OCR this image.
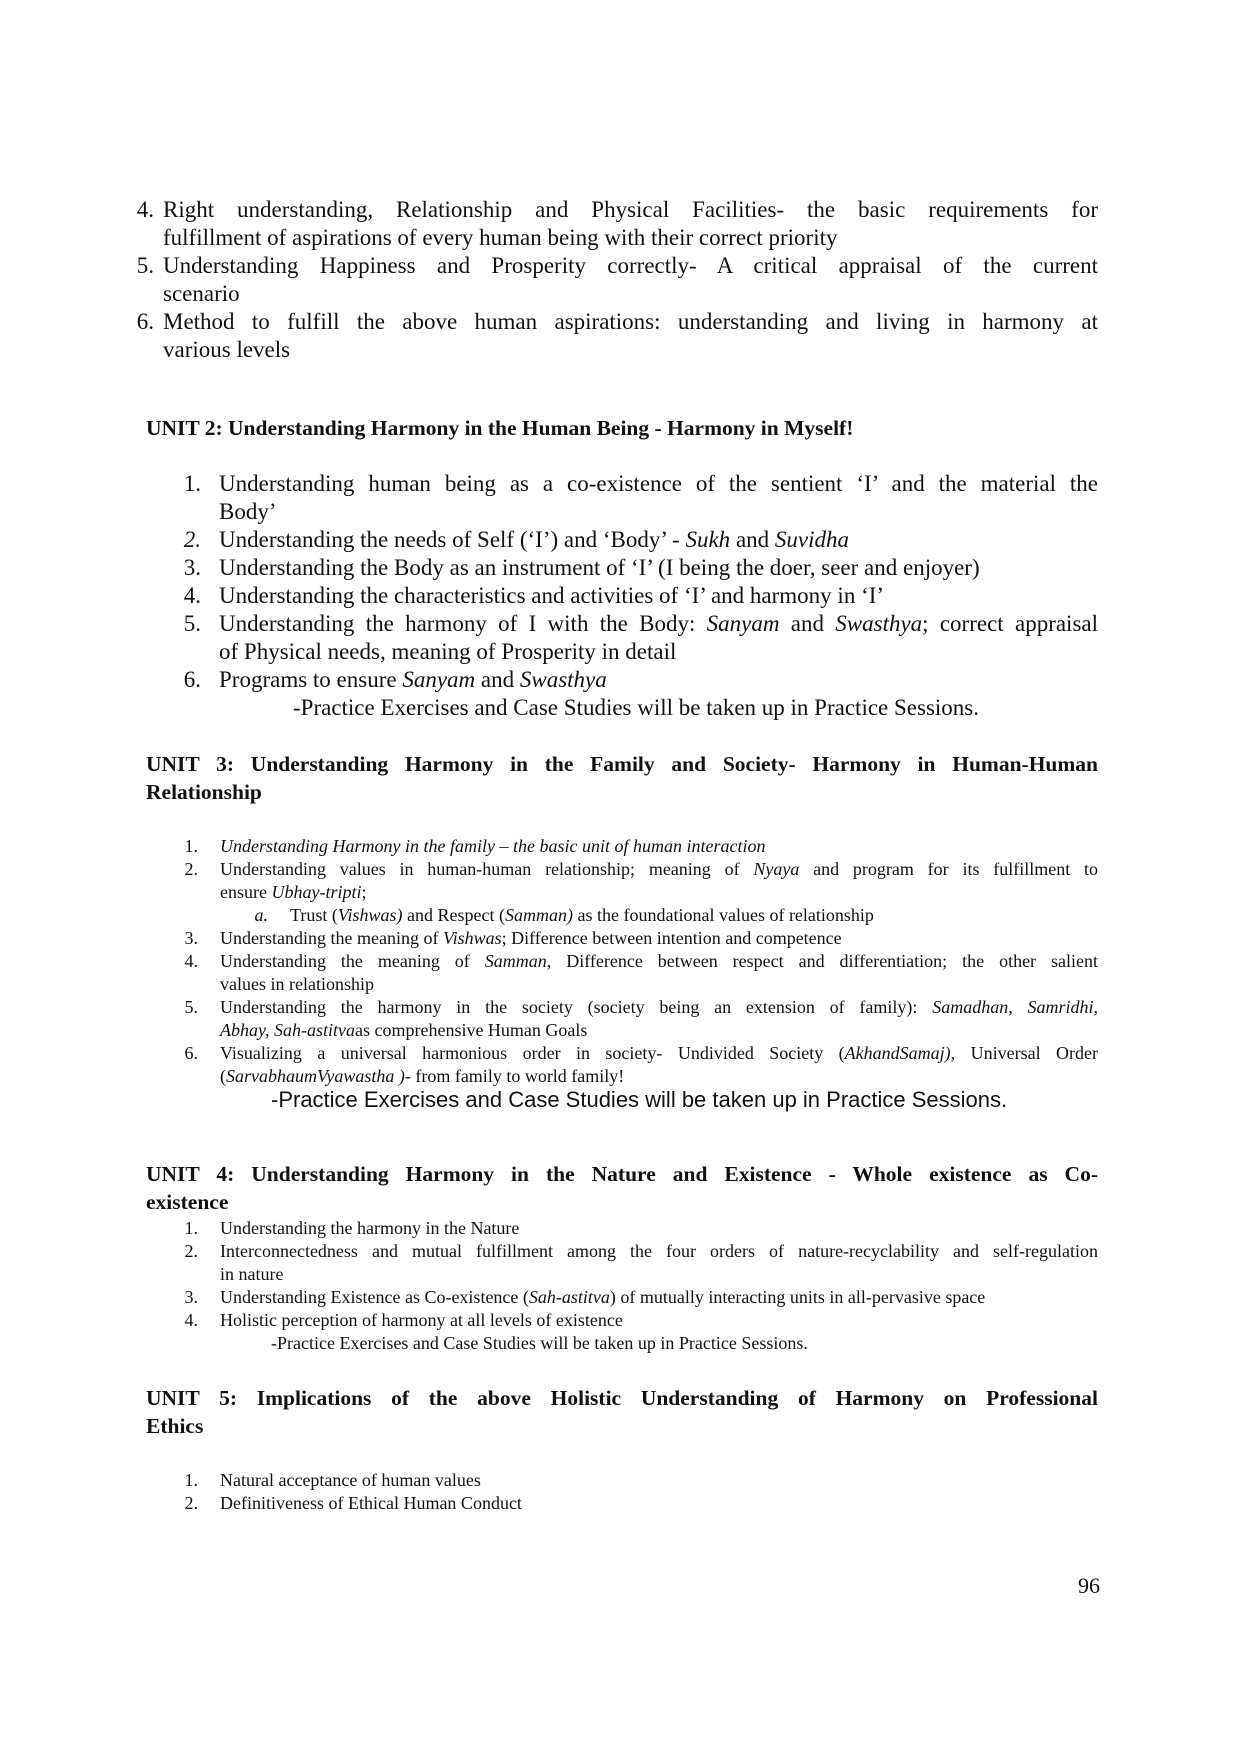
4. Right understanding, Relationship and Physical Facilities- the basic requirements for

fulfillment of aspirations of every human being with their correct priority

5. Understanding Happiness and Prosperity correctly- A critical appraisal of the current

scenario

6. Method to fulfill the above human aspirations: understanding and living in harmony at

various levels

UNIT 2: Understanding Harmony in the Human Being - Harmony in Myself!
1. Understanding human being as a co-existence of the sentient ‘I’ and the material the

Body’

2. Understanding the needs of Self (‘I’) and ‘Body’ - Sukh and Suvidha

3. Understanding the Body as an instrument of ‘I’ (I being the doer, seer and enjoyer)

4. Understanding the characteristics and activities of ‘I’ and harmony in ‘I’

5. Understanding the harmony of I with the Body: Sanyam and Swasthya; correct appraisal

of Physical needs, meaning of Prosperity in detail

6. Programs to ensure Sanyam and Swasthya

-Practice Exercises and Case Studies will be taken up in Practice Sessions.
UNIT 3: Understanding Harmony in the Family and Society- Harmony in Human-Human
Relationship
1. Understanding Harmony in the family – the basic unit of human interaction

2. Understanding values in human-human relationship; meaning of Nyaya and program for its fulfillment to

ensure Ubhay-tripti;

a. Trust (Vishwas) and Respect (Samman) as the foundational values of relationship

3. Understanding the meaning of Vishwas; Difference between intention and competence

4. Understanding the meaning of Samman, Difference between respect and differentiation; the other salient

values in relationship

5. Understanding the harmony in the society (society being an extension of family): Samadhan, Samridhi,

Abhay, Sah-astitvaas comprehensive Human Goals

6. Visualizing a universal harmonious order in society- Undivided Society (AkhandSamaj), Universal Order

(SarvabhaumVyawastha )- from family to world family!

-Practice Exercises and Case Studies will be taken up in Practice Sessions.
UNIT 4: Understanding Harmony in the Nature and Existence - Whole existence as Co-
existence
1. Understanding the harmony in the Nature

2. Interconnectedness and mutual fulfillment among the four orders of nature-recyclability and self-regulation

in nature

3. Understanding Existence as Co-existence (Sah-astitva) of mutually interacting units in all-pervasive space

4. Holistic perception of harmony at all levels of existence

-Practice Exercises and Case Studies will be taken up in Practice Sessions.
UNIT 5: Implications of the above Holistic Understanding of Harmony on Professional
Ethics
1. Natural acceptance of human values

2. Definitiveness of Ethical Human Conduct

96
